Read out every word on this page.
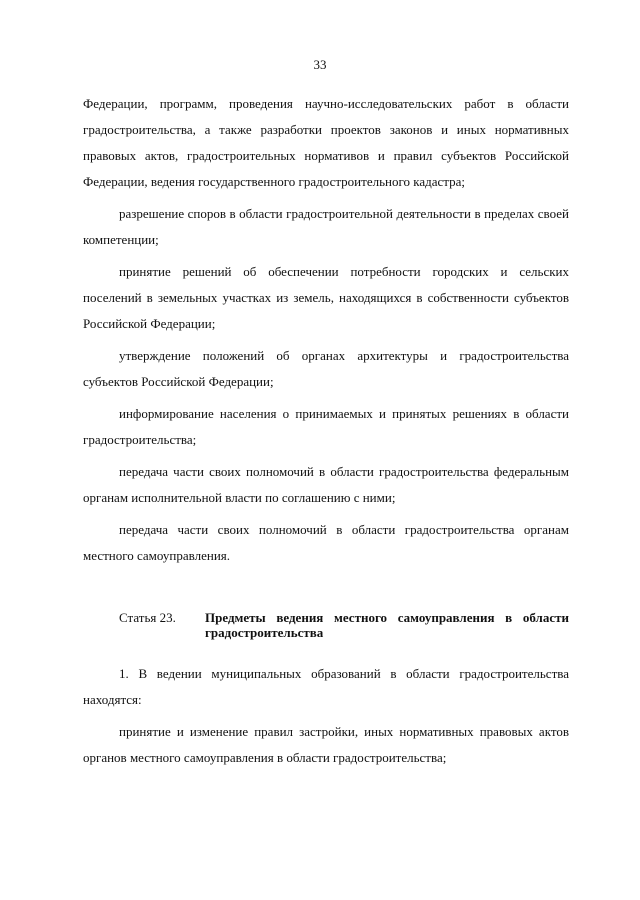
33

Федерации, программ, проведения научно-исследовательских работ в области градостроительства, а также разработки проектов законов и иных нормативных правовых актов, градостроительных нормативов и правил субъектов Российской Федерации, ведения государственного градостроительного кадастра;

разрешение споров в области градостроительной деятельности в пределах своей компетенции;

принятие решений об обеспечении потребности городских и сельских поселений в земельных участках из земель, находящихся в собственности субъектов Российской Федерации;

утверждение положений об органах архитектуры и градостроительства субъектов Российской Федерации;

информирование населения о принимаемых и принятых решениях в области градостроительства;

передача части своих полномочий в области градостроительства федеральным органам исполнительной власти по соглашению с ними;

передача части своих полномочий в области градостроительства органам местного самоуправления.

Статья 23.	Предметы ведения местного самоуправления в области градостроительства

1. В ведении муниципальных образований в области градостроительства находятся:

принятие и изменение правил застройки, иных нормативных правовых актов органов местного самоуправления в области градостроительства;
